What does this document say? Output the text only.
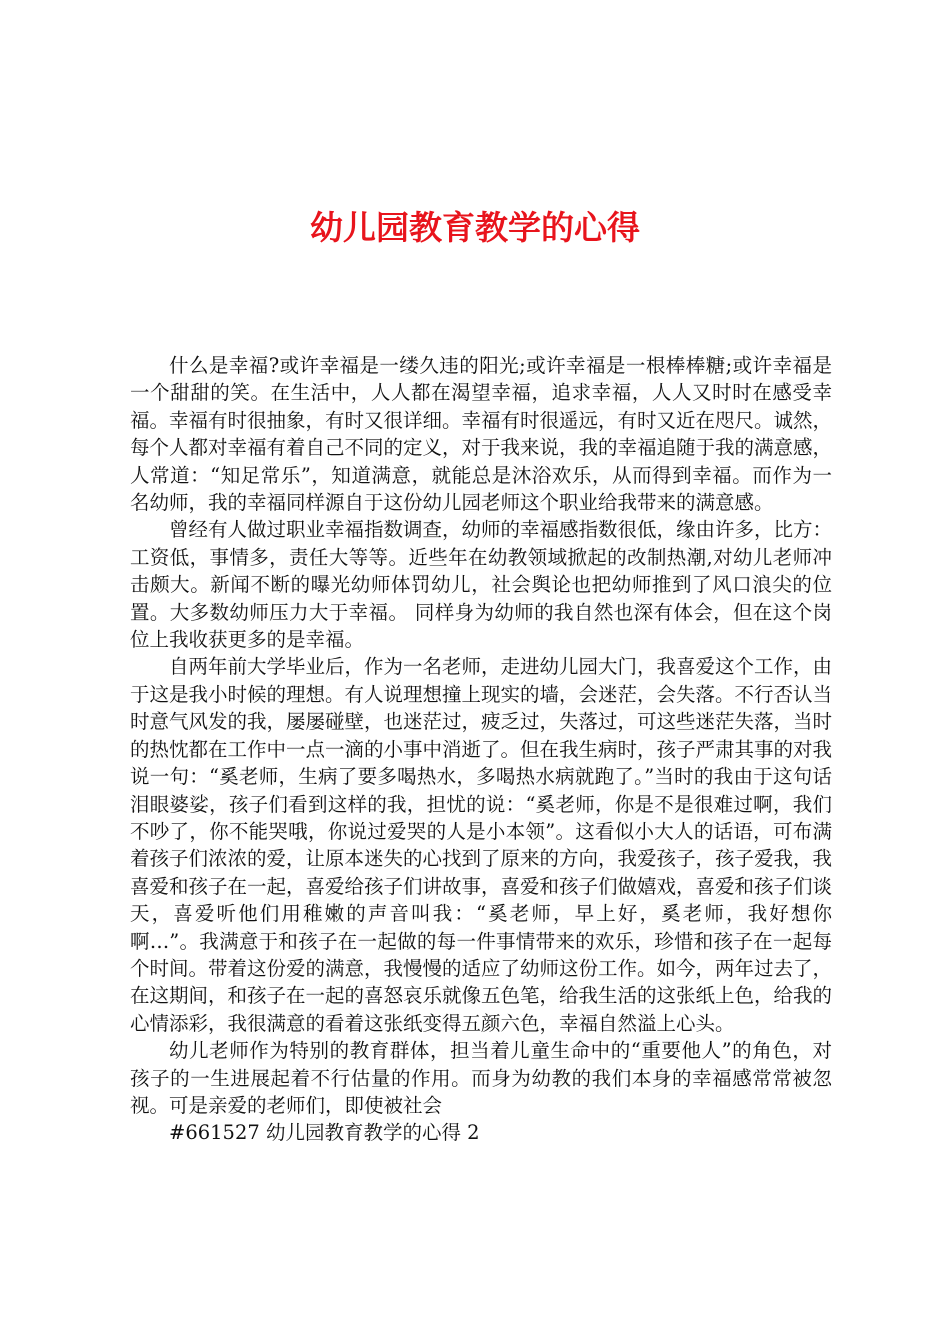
幼儿园教育教学的心得

什么是幸福?或许幸福是一缕久违的阳光;或许幸福是一根棒棒糖;或许幸福是一个甜甜的笑。在生活中，人人都在渴望幸福，追求幸福，人人又时时在感受幸福。幸福有时很抽象，有时又很详细。幸福有时很遥远，有时又近在咫尺。诚然，每个人都对幸福有着自己不同的定义，对于我来说，我的幸福追随于我的满意感，人常道：“知足常乐”，知道满意，就能总是沐浴欢乐，从而得到幸福。而作为一名幼师，我的幸福同样源自于这份幼儿园老师这个职业给我带来的满意感。

曾经有人做过职业幸福指数调查，幼师的幸福感指数很低，缘由许多，比方：工资低，事情多，责任大等等。近些年在幼教领域掀起的改制热潮,对幼儿老师冲击颇大。新闻不断的曝光幼师体罚幼儿，社会舆论也把幼师推到了风口浪尖的位置。大多数幼师压力大于幸福。 同样身为幼师的我自然也深有体会，但在这个岗位上我收获更多的是幸福。

自两年前大学毕业后，作为一名老师，走进幼儿园大门，我喜爱这个工作，由于这是我小时候的理想。有人说理想撞上现实的墙，会迷茫，会失落。不行否认当时意气风发的我，屡屡碰壁，也迷茫过，疲乏过，失落过，可这些迷茫失落，当时的热忱都在工作中一点一滴的小事中消逝了。但在我生病时，孩子严肃其事的对我说一句：“奚老师，生病了要多喝热水，多喝热水病就跑了。”当时的我由于这句话泪眼婆娑，孩子们看到这样的我，担忧的说：“奚老师，你是不是很难过啊，我们不吵了，你不能哭哦，你说过爱哭的人是小本领”。这看似小大人的话语，可布满着孩子们浓浓的爱，让原本迷失的心找到了原来的方向，我爱孩子，孩子爱我，我喜爱和孩子在一起，喜爱给孩子们讲故事，喜爱和孩子们做嬉戏，喜爱和孩子们谈天，喜爱听他们用稚嫩的声音叫我：“奚老师，早上好，奚老师，我好想你啊…”。我满意于和孩子在一起做的每一件事情带来的欢乐，珍惜和孩子在一起每个时间。带着这份爱的满意，我慢慢的适应了幼师这份工作。如今，两年过去了，在这期间，和孩子在一起的喜怒哀乐就像五色笔，给我生活的这张纸上色，给我的心情添彩，我很满意的看着这张纸变得五颜六色，幸福自然溢上心头。

幼儿老师作为特别的教育群体，担当着儿童生命中的“重要他人”的角色，对孩子的一生进展起着不行估量的作用。而身为幼教的我们本身的幸福感常常被忽视。可是亲爱的老师们，即使被社会

#661527 幼儿园教育教学的心得 2
